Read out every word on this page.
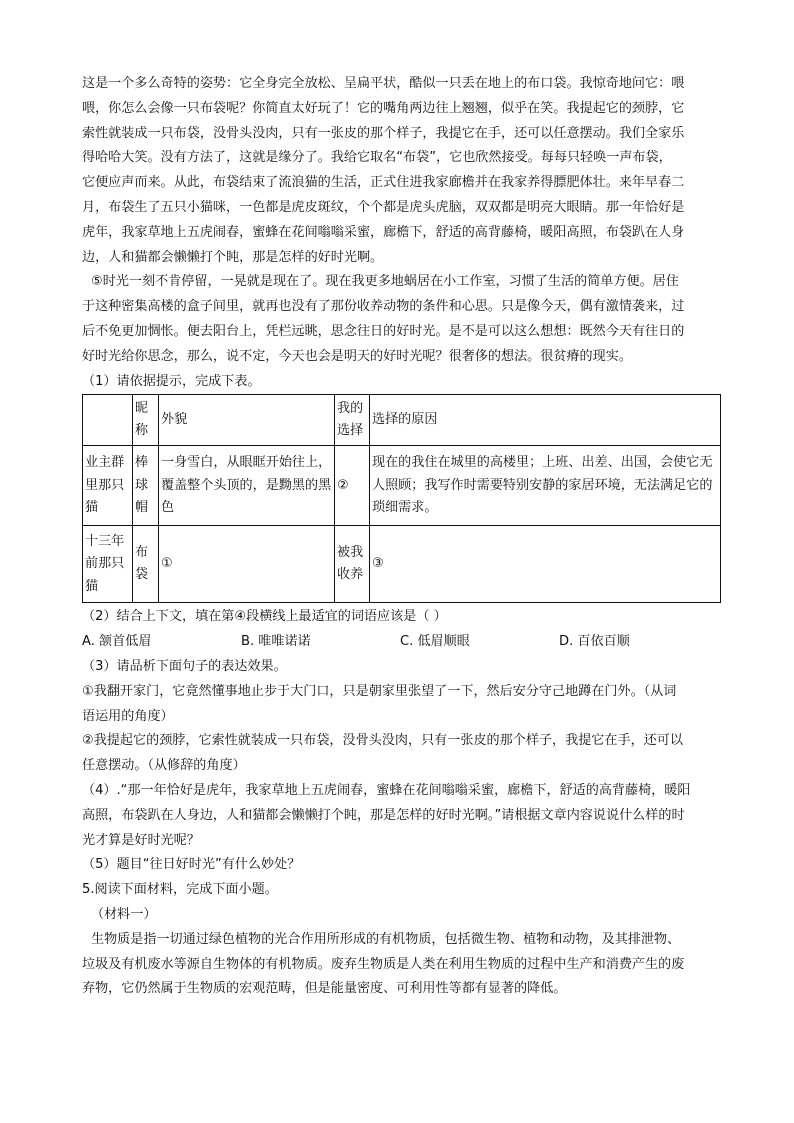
这是一个多么奇特的姿势：它全身完全放松、呈扁平状，酷似一只丢在地上的布口袋。我惊奇地问它：喂
喂，你怎么会像一只布袋呢？你简直太好玩了！它的嘴角两边往上翘翘，似乎在笑。我提起它的颈脖，它
索性就装成一只布袋，没骨头没肉，只有一张皮的那个样子，我提它在手，还可以任意摆动。我们全家乐
得哈哈大笑。没有方法了，这就是缘分了。我给它取名“布袋”，它也欣然接受。每每只轻唤一声布袋，
它便应声而来。从此，布袋结束了流浪猫的生活，正式住进我家廊檐并在我家养得膘肥体壮。来年早春二
月，布袋生了五只小猫咪，一色都是虎皮斑纹，个个都是虎头虎脑，双双都是明亮大眼睛。那一年恰好是
虎年，我家草地上五虎闹春，蜜蜂在花间嗡嗡采蜜，廊檐下，舒适的高背藤椅，暖阳高照，布袋趴在人身
边，人和猫都会懒懒打个盹，那是怎样的好时光啊。
⑤时光一刻不肯停留，一晃就是现在了。现在我更多地蜗居在小工作室，习惯了生活的简单方便。居住
于这种密集高楼的盒子间里，就再也没有了那份收养动物的条件和心思。只是像今天，偶有激情袭来，过
后不免更加惆怅。便去阳台上，凭栏远眺，思念往日的好时光。是不是可以这么想想：既然今天有往日的
好时光给你思念，那么，说不定，今天也会是明天的好时光呢？很奢侈的想法。很贫瘠的现实。
（1）请依据提示，完成下表。
	昵称	外貌	我的选择	选择的原因
业主群里那只猫	棒球帽	一身雪白，从眼眶开始往上，覆盖整个头顶的，是黝黑的黑色	②	现在的我住在城里的高楼里；上班、出差、出国，会使它无人照顾；我写作时需要特别安静的家居环境，无法满足它的琐细需求。
十三年前那只猫	布袋	①	被我收养	③
（2）结合上下文，填在第④段横线上最适宜的词语应该是（ ）
A. 颔首低眉	B. 唯唯诺诺	C. 低眉顺眼	D. 百依百顺
（3）请品析下面句子的表达效果。
①我翻开家门，它竟然懂事地止步于大门口，只是朝家里张望了一下，然后安分守己地蹲在门外。（从词
语运用的角度）
②我提起它的颈脖，它索性就装成一只布袋，没骨头没肉，只有一张皮的那个样子，我提它在手，还可以
任意摆动。（从修辞的角度）
（4）.“那一年恰好是虎年，我家草地上五虎闹春，蜜蜂在花间嗡嗡采蜜，廊檐下，舒适的高背藤椅，暖阳
高照，布袋趴在人身边，人和猫都会懒懒打个盹，那是怎样的好时光啊。”请根据文章内容说说什么样的时
光才算是好时光呢？
（5）题目“往日好时光”有什么妙处？
5.阅读下面材料，完成下面小题。
（材料一）
生物质是指一切通过绿色植物的光合作用所形成的有机物质，包括微生物、植物和动物，及其排泄物、
垃圾及有机废水等源自生物体的有机物质。废弃生物质是人类在利用生物质的过程中生产和消费产生的废
弃物，它仍然属于生物质的宏观范畴，但是能量密度、可利用性等都有显著的降低。
